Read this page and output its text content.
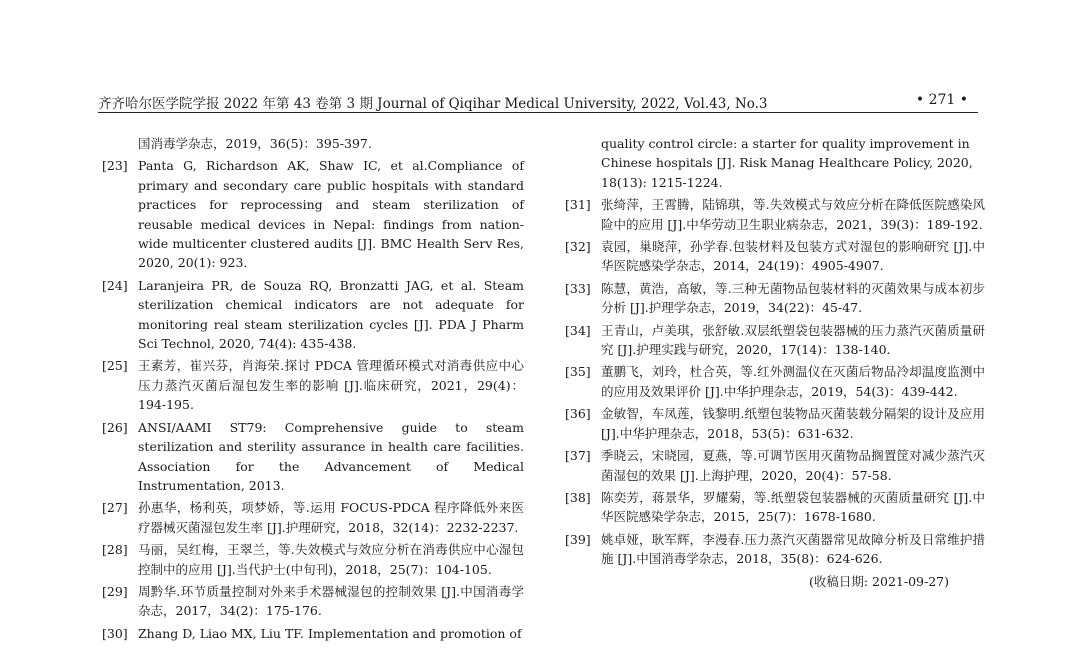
齐齐哈尔医学院学报 2022 年第 43 卷第 3 期 Journal of Qiqihar Medical University, 2022, Vol.43, No.3	• 271 •

国消毒学杂志，2019，36(5)：395-397.

[23] Panta G, Richardson AK, Shaw IC, et al.Compliance of primary and secondary care public hospitals with standard practices for reprocessing and steam sterilization of reusable medical devices in Nepal: findings from nation-wide multicenter clustered audits [J]. BMC Health Serv Res, 2020, 20(1): 923.
[24] Laranjeira PR, de Souza RQ, Bronzatti JAG, et al. Steam sterilization chemical indicators are not adequate for monitoring real steam sterilization cycles [J]. PDA J Pharm Sci Technol, 2020, 74(4): 435-438.
[25] 王素芳，崔兴芬，肖海荣.探讨 PDCA 管理循环模式对消毒供应中心压力蒸汽灭菌后湿包发生率的影响 [J].临床研究，2021，29(4)：194-195.
[26] ANSI/AAMI ST79: Comprehensive guide to steam sterilization and sterility assurance in health care facilities. Association for the Advancement of Medical Instrumentation, 2013.
[27] 孙惠华，杨利英，项梦娇，等.运用 FOCUS-PDCA 程序降低外来医疗器械灭菌湿包发生率 [J].护理研究，2018，32(14)：2232-2237.
[28] 马丽，吴红梅，王翠兰，等.失效模式与效应分析在消毒供应中心湿包控制中的应用 [J].当代护士(中旬刊)，2018，25(7)：104-105.
[29] 周黔华.环节质量控制对外来手术器械湿包的控制效果 [J].中国消毒学杂志，2017，34(2)：175-176.
[30] Zhang D, Liao MX, Liu TF. Implementation and promotion of

quality control circle: a starter for quality improvement in Chinese hospitals [J]. Risk Manag Healthcare Policy, 2020, 18(13): 1215-1224.

[31] 张绮萍，王霄腾，陆锦琪，等.失效模式与效应分析在降低医院感染风险中的应用 [J].中华劳动卫生职业病杂志，2021，39(3)：189-192.
[32] 袁园，巢晓萍，孙学春.包装材料及包装方式对湿包的影响研究 [J].中华医院感染学杂志，2014，24(19)：4905-4907.
[33] 陈慧，黄浩，高敏，等.三种无菌物品包装材料的灭菌效果与成本初步分析 [J].护理学杂志，2019，34(22)：45-47.
[34] 王青山，卢美琪，张舒敏.双层纸塑袋包装器械的压力蒸汽灭菌质量研究 [J].护理实践与研究，2020，17(14)：138-140.
[35] 董鹏飞，刘玲，杜合英，等.红外测温仪在灭菌后物品冷却温度监测中的应用及效果评价 [J].中华护理杂志，2019，54(3)：439-442.
[36] 金敏智，车凤莲，钱黎明.纸塑包装物品灭菌装载分隔架的设计及应用 [J].中华护理杂志，2018，53(5)：631-632.
[37] 季晓云，宋晓园，夏燕，等.可调节医用灭菌物品搁置筐对减少蒸汽灭菌湿包的效果 [J].上海护理，2020，20(4)：57-58.
[38] 陈奕芳，蒋景华，罗耀菊，等.纸塑袋包装器械的灭菌质量研究 [J].中华医院感染学杂志，2015，25(7)：1678-1680.
[39] 姚卓娅，耿军辉，李漫春.压力蒸汽灭菌器常见故障分析及日常维护措施 [J].中国消毒学杂志，2018，35(8)：624-626.
(收稿日期: 2021-09-27)
